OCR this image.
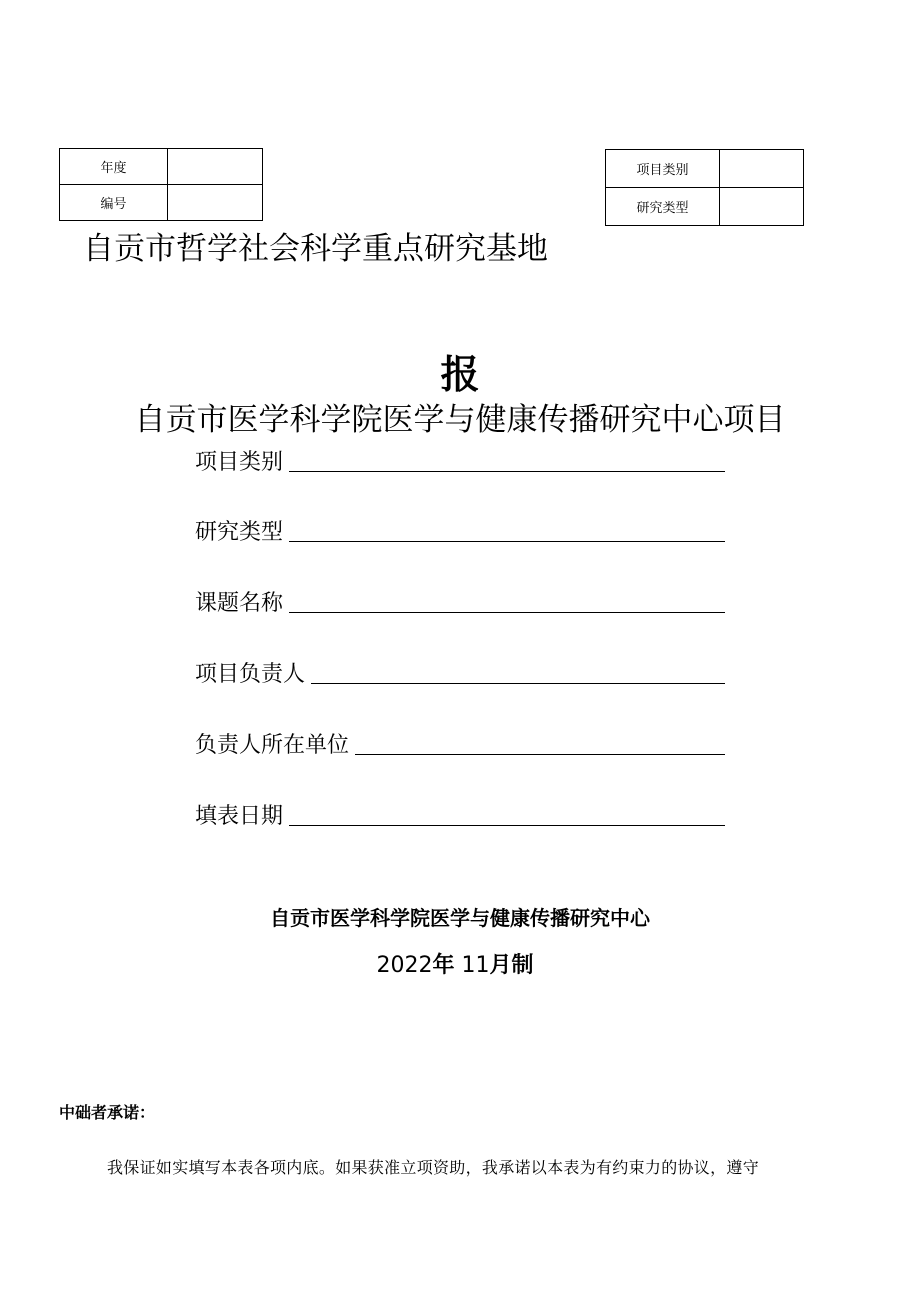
年度	
编号	
项目类别	
研究类型	
自贡市哲学社会科学重点研究基地
报
自贡市医学科学院医学与健康传播研究中心项目
项目类别
研究类型
课题名称
项目负责人
负责人所在单位
填表日期
自贡市医学科学院医学与健康传播研究中心
2022年 11月制
中础者承诺：
我保证如实填写本表各项内底。如果获准立项资助，我承诺以本表为有约束力的协议，遵守
